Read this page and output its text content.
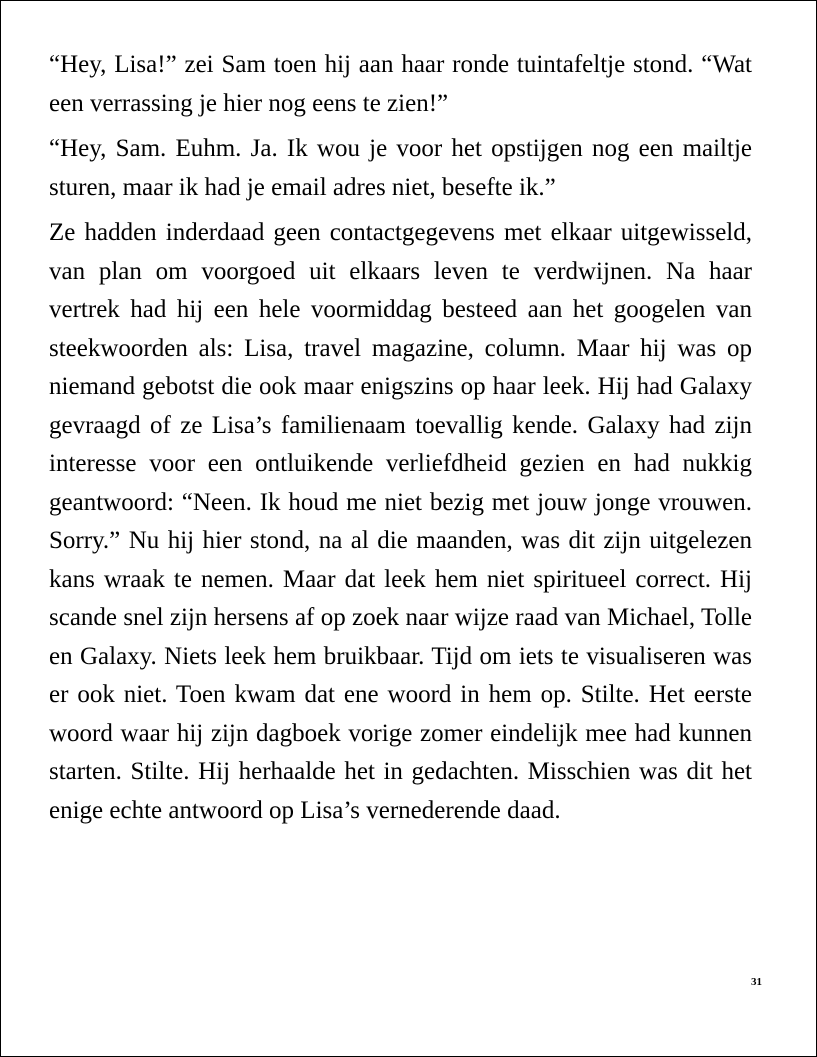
“Hey, Lisa!” zei Sam toen hij aan haar ronde tuintafeltje stond. “Wat een verrassing je hier nog eens te zien!”

“Hey, Sam. Euhm. Ja. Ik wou je voor het opstijgen nog een mailtje sturen, maar ik had je email adres niet, besefte ik.”

Ze hadden inderdaad geen contactgegevens met elkaar uitgewisseld, van plan om voorgoed uit elkaars leven te verdwijnen. Na haar vertrek had hij een hele voormiddag besteed aan het googelen van steekwoorden als: Lisa, travel magazine, column. Maar hij was op niemand gebotst die ook maar enigszins op haar leek. Hij had Galaxy gevraagd of ze Lisa’s familienaam toevallig kende. Galaxy had zijn interesse voor een ontluikende verliefdheid gezien en had nukkig geantwoord: “Neen. Ik houd me niet bezig met jouw jonge vrouwen. Sorry.” Nu hij hier stond, na al die maanden, was dit zijn uitgelezen kans wraak te nemen. Maar dat leek hem niet spiritueel correct. Hij scande snel zijn hersens af op zoek naar wijze raad van Michael, Tolle en Galaxy. Niets leek hem bruikbaar. Tijd om iets te visualiseren was er ook niet. Toen kwam dat ene woord in hem op. Stilte. Het eerste woord waar hij zijn dagboek vorige zomer eindelijk mee had kunnen starten. Stilte. Hij herhaalde het in gedachten. Misschien was dit het enige echte antwoord op Lisa’s vernederende daad.

31
